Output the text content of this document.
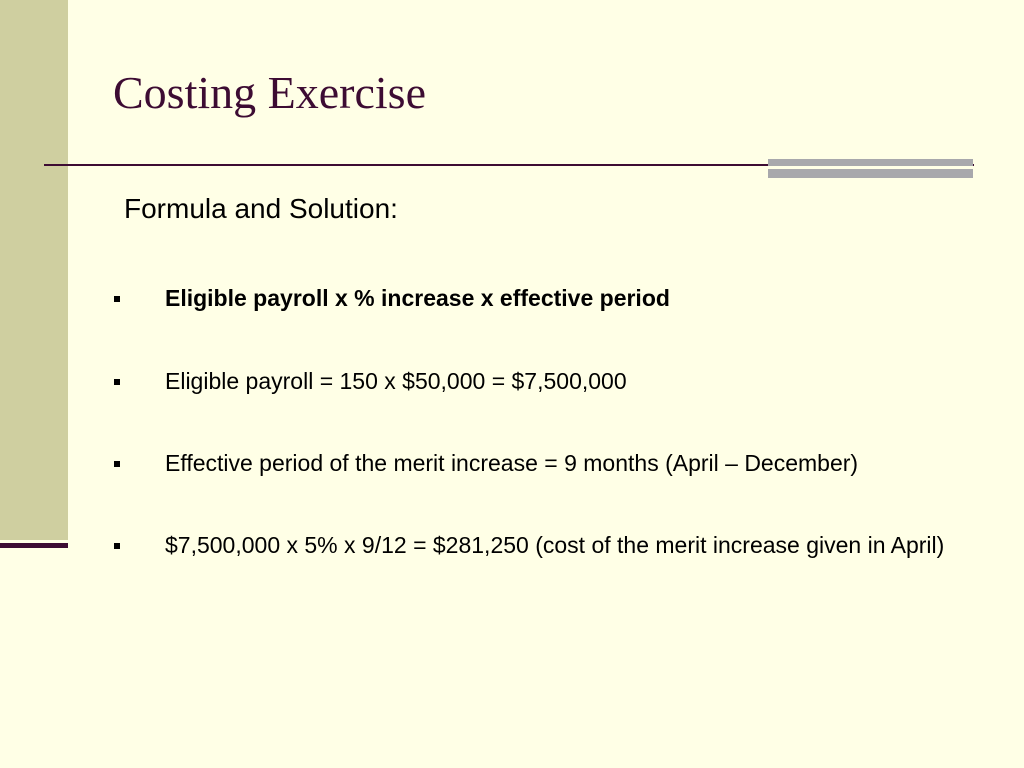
Costing Exercise
Formula and Solution:
Eligible payroll x % increase x effective period
Eligible payroll = 150 x $50,000 = $7,500,000
Effective period of the merit increase = 9 months (April – December)
$7,500,000 x 5% x 9/12 = $281,250 (cost of the merit increase given in April)
